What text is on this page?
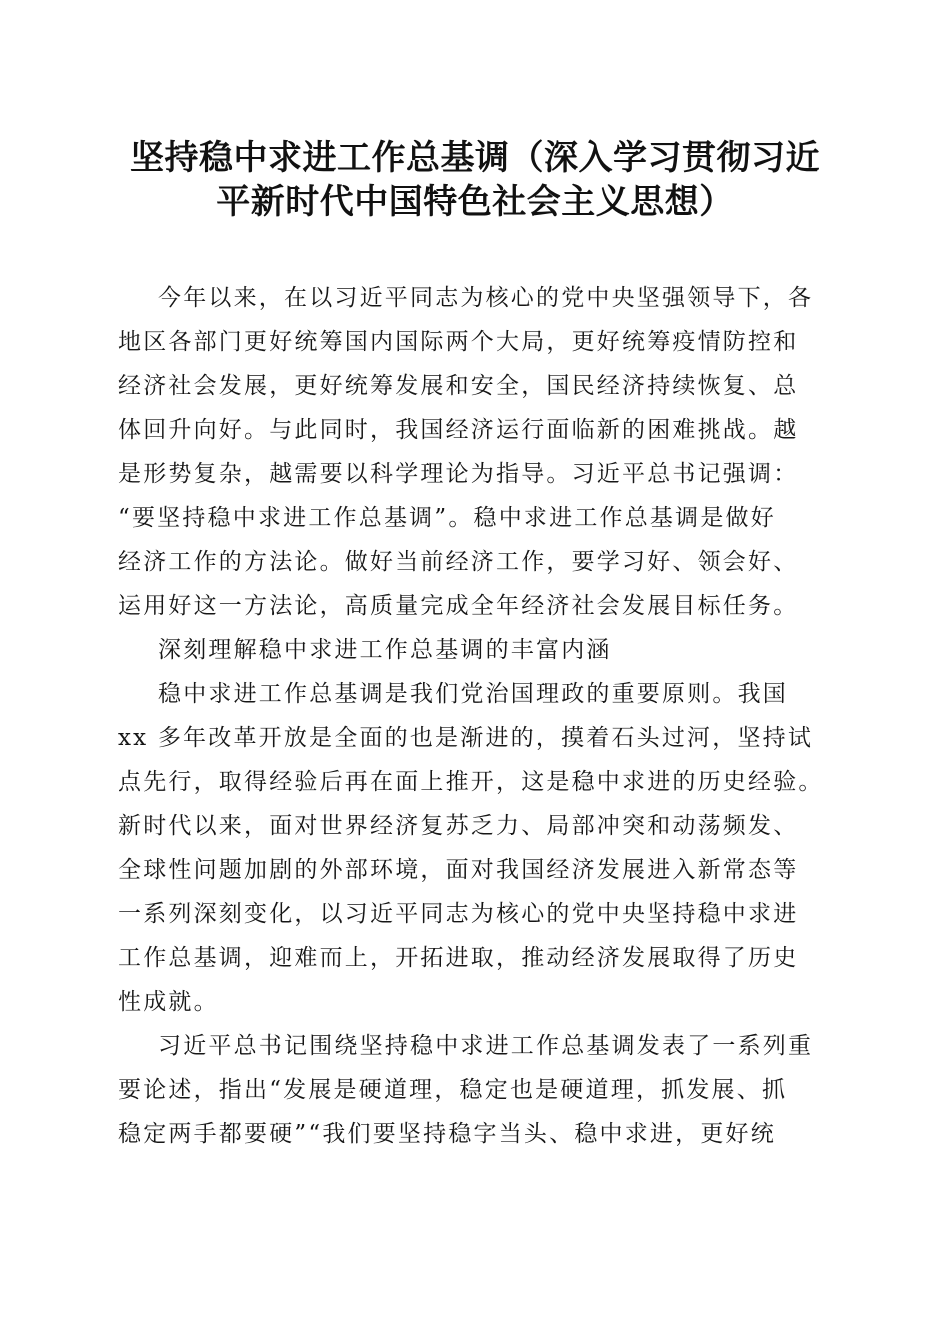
坚持稳中求进工作总基调（深入学习贯彻习近
平新时代中国特色社会主义思想）
今年以来，在以习近平同志为核心的党中央坚强领导下，各
地区各部门更好统筹国内国际两个大局，更好统筹疫情防控和
经济社会发展，更好统筹发展和安全，国民经济持续恢复、总
体回升向好。与此同时，我国经济运行面临新的困难挑战。越
是形势复杂，越需要以科学理论为指导。习近平总书记强调：
“要坚持稳中求进工作总基调”。稳中求进工作总基调是做好
经济工作的方法论。做好当前经济工作，要学习好、领会好、
运用好这一方法论，高质量完成全年经济社会发展目标任务。
深刻理解稳中求进工作总基调的丰富内涵
稳中求进工作总基调是我们党治国理政的重要原则。我国
xx 多年改革开放是全面的也是渐进的，摸着石头过河，坚持试
点先行，取得经验后再在面上推开，这是稳中求进的历史经验。
新时代以来，面对世界经济复苏乏力、局部冲突和动荡频发、
全球性问题加剧的外部环境，面对我国经济发展进入新常态等
一系列深刻变化，以习近平同志为核心的党中央坚持稳中求进
工作总基调，迎难而上，开拓进取，推动经济发展取得了历史
性成就。
习近平总书记围绕坚持稳中求进工作总基调发表了一系列重
要论述，指出“发展是硬道理，稳定也是硬道理，抓发展、抓
稳定两手都要硬”“我们要坚持稳字当头、稳中求进，更好统
